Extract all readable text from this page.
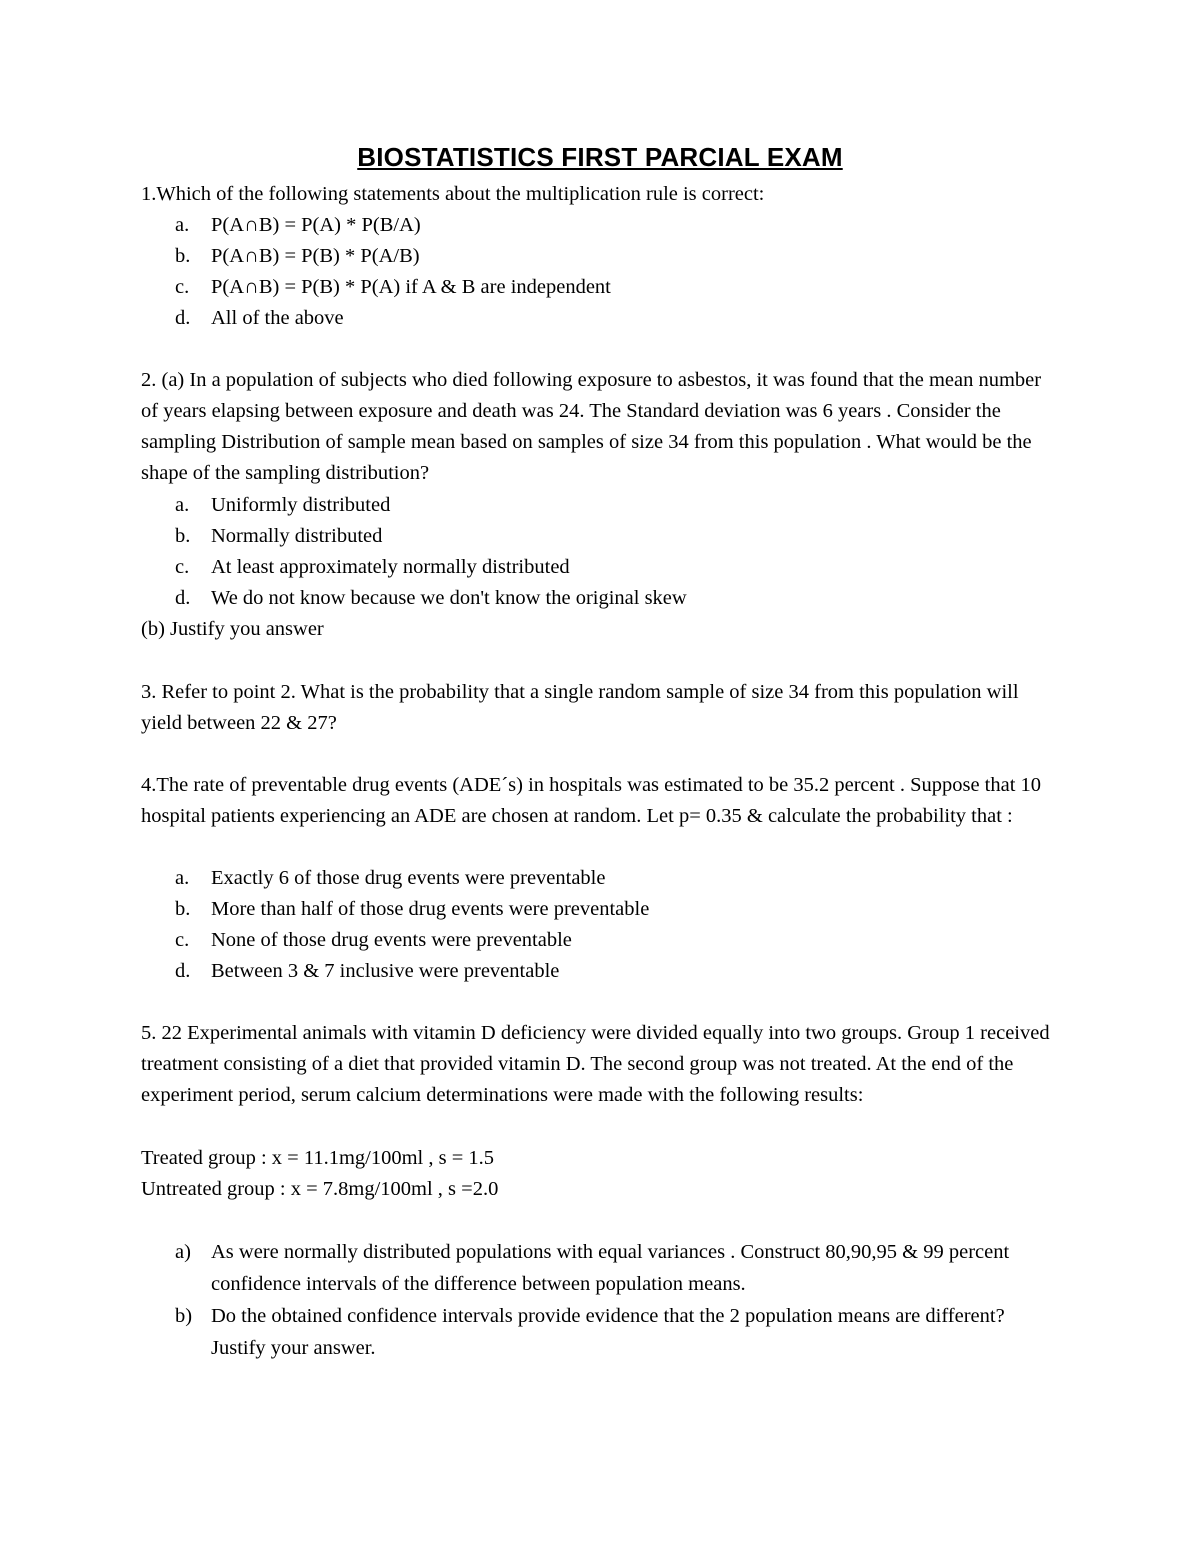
BIOSTATISTICS FIRST PARCIAL EXAM
1.Which of the following statements about the multiplication rule is correct:
a. P(A∩B) = P(A) * P(B/A)
b. P(A∩B) = P(B) * P(A/B)
c. P(A∩B) = P(B) * P(A) if A & B are independent
d. All of the above
2. (a) In a population of subjects who died following exposure to asbestos, it was found that the mean number of years elapsing between exposure and death was 24. The Standard deviation was 6 years . Consider the sampling Distribution of sample mean based on samples of size 34 from this population . What would be the shape of the sampling distribution?
a. Uniformly distributed
b. Normally distributed
c. At least approximately normally distributed
d. We do not know because we don't know the original skew
(b) Justify you answer
3. Refer to point 2. What is the probability that a single random sample of size 34 from this population will yield between 22 & 27?
4.The rate of preventable drug events (ADE´s) in hospitals was estimated to be 35.2 percent . Suppose that 10 hospital patients experiencing an ADE are chosen at random. Let p= 0.35 & calculate the probability that :
a. Exactly 6 of those drug events were preventable
b. More than half of those drug events were preventable
c. None of those drug events were preventable
d. Between 3 & 7 inclusive were preventable
5. 22 Experimental animals with vitamin D deficiency were divided equally into two groups. Group 1 received treatment consisting of a diet that provided vitamin D. The second group was not treated. At the end of the experiment period, serum calcium determinations were made with the following results:
Treated group : x = 11.1mg/100ml , s = 1.5
Untreated group : x = 7.8mg/100ml , s =2.0
a) As were normally distributed populations with equal variances . Construct 80,90,95 & 99 percent confidence intervals of the difference between population means.
b) Do the obtained confidence intervals provide evidence that the 2 population means are different? Justify your answer.
